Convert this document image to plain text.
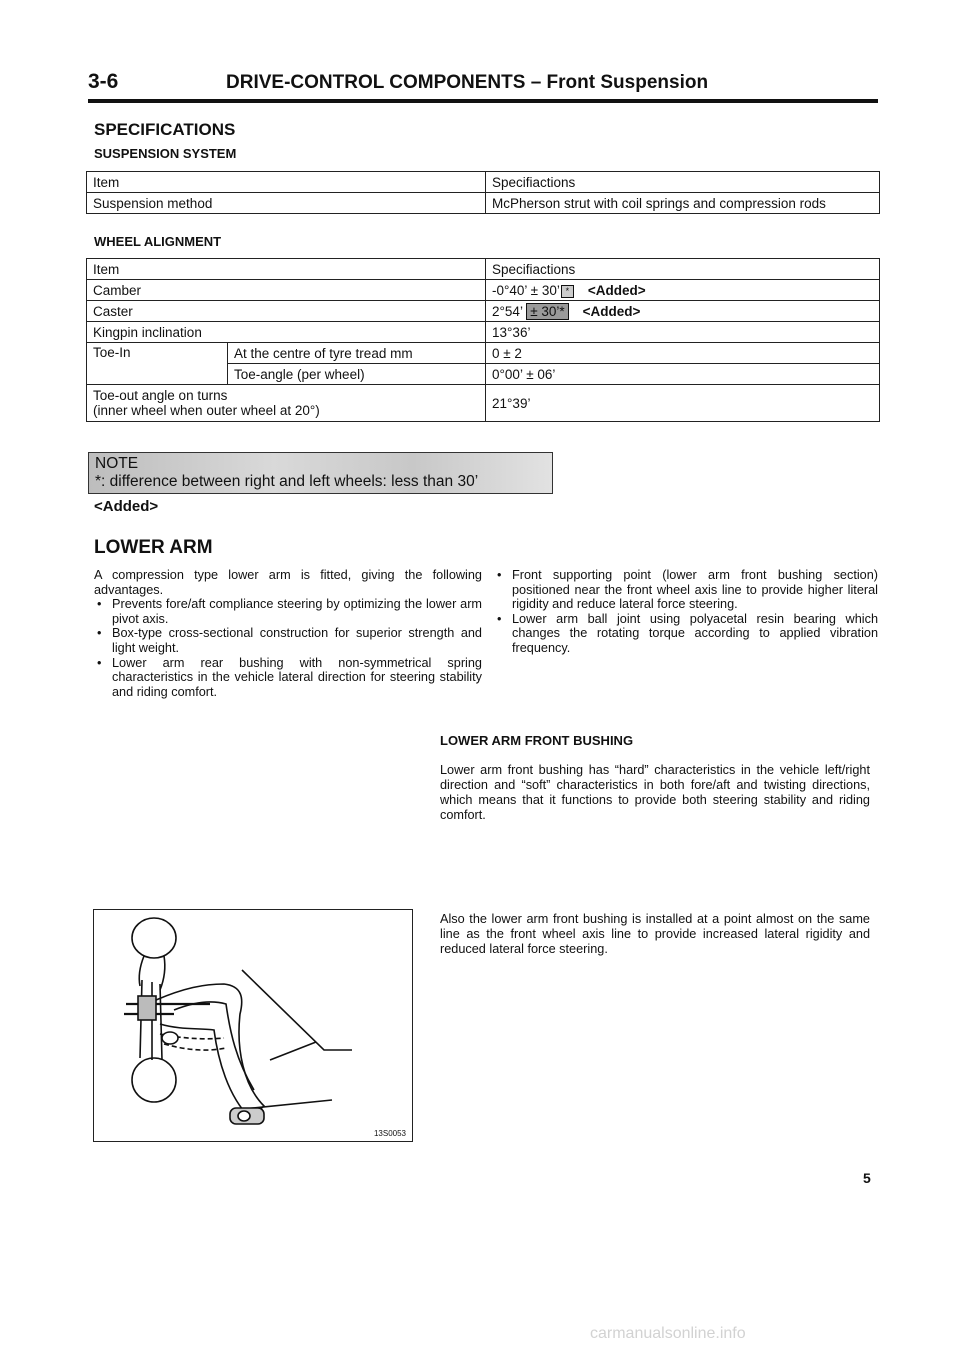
3-6	DRIVE-CONTROL COMPONENTS – Front Suspension
SPECIFICATIONS
SUSPENSION SYSTEM
Item	Specifiactions
Suspension method	McPherson strut with coil springs and compression rods
WHEEL ALIGNMENT
Item		Specifiactions
Camber		-0°40’ ± 30’ * <Added>
Caster		2°54’ ± 30’* <Added>
Kingpin inclination		13°36’
Toe-In	At the centre of tyre tread mm	0 ± 2
	Toe-angle (per wheel)	0°00’ ± 06’

Toe-out angle on turns
(inner wheel when outer wheel at 20°)		21°39’
NOTE
*: difference between right and left wheels: less than 30’
<Added>
LOWER ARM

A compression type lower arm is fitted, giving the following advantages.

• Prevents fore/aft compliance steering by optimizing the lower arm pivot axis.
• Box-type cross-sectional construction for superior strength and light weight.
• Lower arm rear bushing with non-symmetrical spring characteristics in the vehicle lateral direction for steering stability and riding comfort.
• Front supporting point (lower arm front bushing section) positioned near the front wheel axis line to provide higher literal rigidity and reduce lateral force steering.
• Lower arm ball joint using polyacetal resin bearing which changes the rotating torque according to applied vibration frequency.
LOWER ARM FRONT BUSHING
Lower arm front bushing has “hard” characteristics in the vehicle left/right direction and “soft” characteristics in both fore/aft and twisting directions, which means that it functions to provide both steering stability and riding comfort.
Also the lower arm front bushing is installed at a point almost on the same line as the front wheel axis line to provide increased lateral rigidity and reduced lateral force steering.
13S0053
5
carmanualsonline.info
